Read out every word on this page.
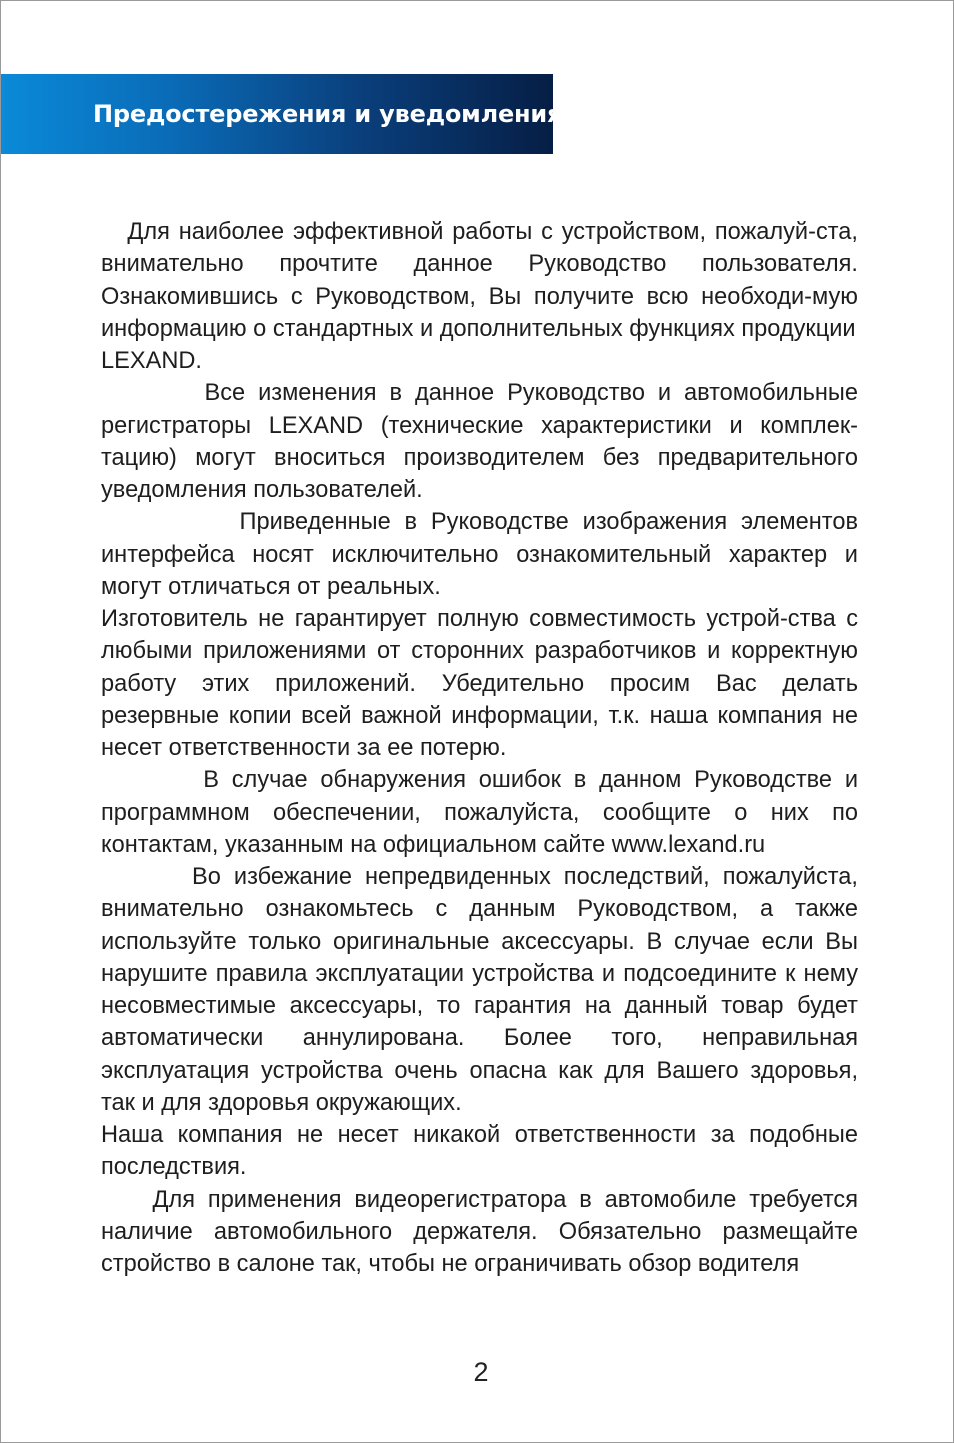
Предостережения и уведомления

Для наиболее эффективной работы с устройством, пожалуй-ста, внимательно прочтите данное Руководство пользователя. Ознакомившись с Руководством, Вы получите всю необходи-мую информацию о стандартных и дополнительных функциях продукции

LEXAND.

Все изменения в данное Руководство и автомобильные регистраторы LEXAND (технические характеристики и комплек-тацию) могут вноситься производителем без предварительного уведомления пользователей.

Приведенные в Руководстве изображения элементов интерфейса носят исключительно ознакомительный характер и могут отличаться от реальных.

Изготовитель не гарантирует полную совместимость устрой-ства с любыми приложениями от сторонних разработчиков и корректную работу этих приложений. Убедительно просим Вас делать резервные копии всей важной информации, т.к. наша компания не несет ответственности за ее потерю.

В случае обнаружения ошибок в данном Руководстве и программном обеспечении, пожалуйста, сообщите о них по контактам, указанным на официальном сайте www.lexand.ru

Во избежание непредвиденных последствий, пожалуйста, внимательно ознакомьтесь с данным Руководством, а также используйте только оригинальные аксессуары. В случае если Вы нарушите правила эксплуатации устройства и подсоедините к нему несовместимые аксессуары, то гарантия на данный товар будет автоматически аннулирована. Более того, неправильная эксплуатация устройства очень опасна как для Вашего здоровья, так и для здоровья окружающих.

Наша компания не несет никакой ответственности за подобные последствия.

Для применения видеорегистратора в автомобиле требуется наличие автомобильного держателя. Обязательно размещайте стройство в салоне так, чтобы не ограничивать обзор водителя

2
